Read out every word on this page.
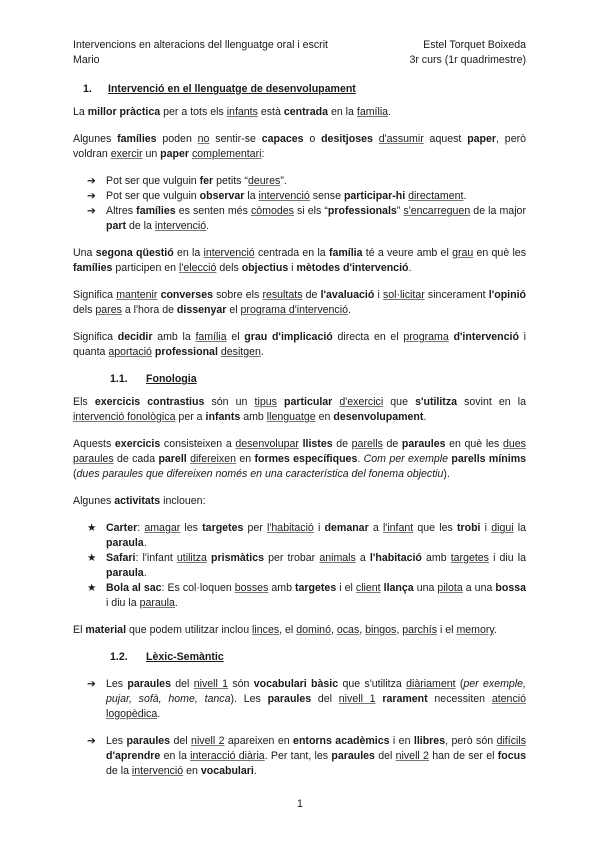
Intervencions en alteracions del llenguatge oral i escrit	Estel Torquet Boixeda
Mario	3r curs (1r quadrimestre)
1. Intervenció en el llenguatge de desenvolupament

La millor pràctica per a tots els infants està centrada en la família.

Algunes famílies poden no sentir-se capaces o desitjoses d'assumir aquest paper, però voldran exercir un paper complementari:

➔ Pot ser que vulguin fer petits “deures”.
➔ Pot ser que vulguin observar la intervenció sense participar-hi directament.
➔ Altres famílies es senten més còmodes si els “professionals” s'encarreguen de la major part de la intervenció.

Una segona qüestió en la intervenció centrada en la família té a veure amb el grau en què les famílies participen en l'elecció dels objectius i mètodes d'intervenció.

Significa mantenir converses sobre els resultats de l'avaluació i sol·licitar sincerament l'opinió dels pares a l'hora de dissenyar el programa d'intervenció.

Significa decidir amb la família el grau d'implicació directa en el programa d'intervenció i quanta aportació professional desitgen.

1.1. Fonologia

Els exercicis contrastius són un tipus particular d'exercici que s'utilitza sovint en la intervenció fonològica per a infants amb llenguatge en desenvolupament.

Aquests exercicis consisteixen a desenvolupar llistes de parells de paraules en què les dues paraules de cada parell difereixen en formes específiques. Com per exemple parells mínims (dues paraules que difereixen només en una característica del fonema objectiu).

Algunes activitats inclouen:

★ Carter: amagar les targetes per l'habitació i demanar a l'infant que les trobi i digui la paraula.
★ Safari: l'infant utilitza prismàtics per trobar animals a l'habitació amb targetes i diu la paraula.
★ Bola al sac: Es col·loquen bosses amb targetes i el client llança una pilota a una bossa i diu la paraula.

El material que podem utilitzar inclou linces, el dominó, ocas, bingos, parchís i el memory.

1.2. Lèxic-Semàntic
➔ Les paraules del nivell 1 són vocabulari bàsic que s'utilitza diàriament (per exemple, pujar, sofà, home, tanca). Les paraules del nivell 1 rarament necessiten atenció logopèdica.
➔ Les paraules del nivell 2 apareixen en entorns acadèmics i en llibres, però són difícils d'aprendre en la interacció diària. Per tant, les paraules del nivell 2 han de ser el focus de la intervenció en vocabulari.
1
